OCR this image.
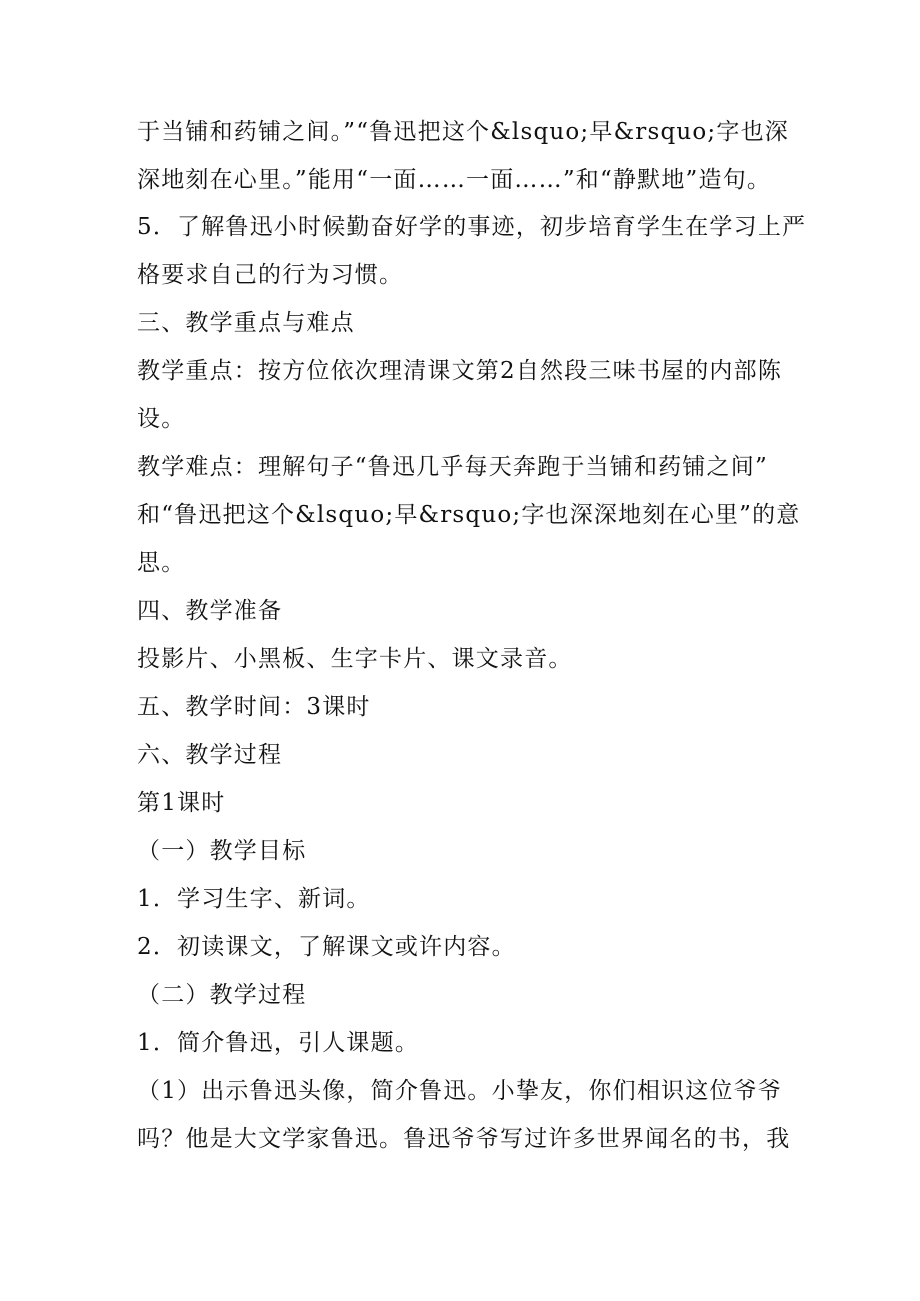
于当铺和药铺之间。”“鲁迅把这个&lsquo;早&rsquo;字也深
深地刻在心里。”能用“一面……一面……”和“静默地”造句。
5．了解鲁迅小时候勤奋好学的事迹，初步培育学生在学习上严
格要求自己的行为习惯。
三、教学重点与难点
教学重点：按方位依次理清课文第2自然段三味书屋的内部陈
设。
教学难点：理解句子“鲁迅几乎每天奔跑于当铺和药铺之间”
和“鲁迅把这个&lsquo;早&rsquo;字也深深地刻在心里”的意
思。
四、教学准备
投影片、小黑板、生字卡片、课文录音。
五、教学时间：3课时
六、教学过程
第1课时
（一）教学目标
1．学习生字、新词。
2．初读课文，了解课文或许内容。
（二）教学过程
1．简介鲁迅，引人课题。
（1）出示鲁迅头像，简介鲁迅。小挚友，你们相识这位爷爷
吗？他是大文学家鲁迅。鲁迅爷爷写过许多世界闻名的书，我
